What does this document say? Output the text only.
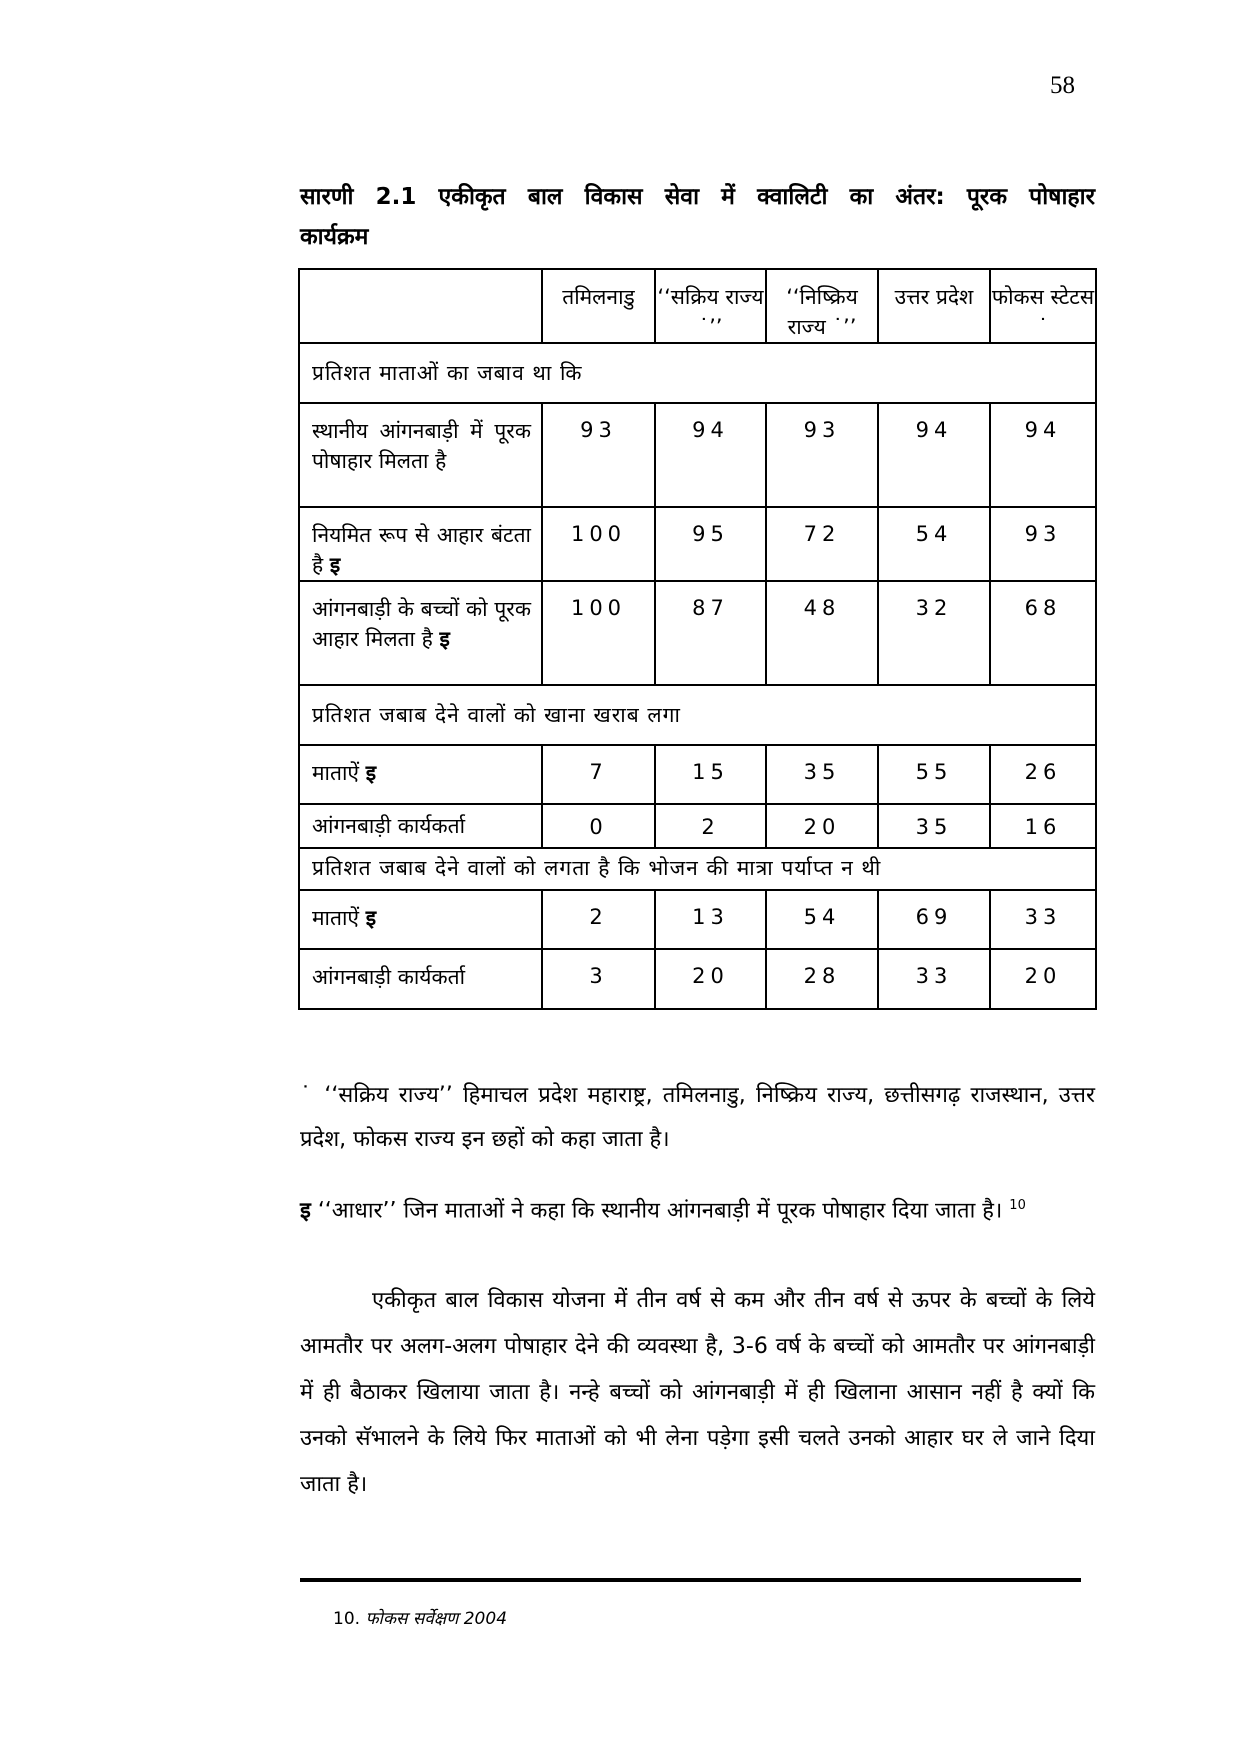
58
सारणी 2.1 एकीकृत बाल विकास सेवा में क्वालिटी का अंतर: पूरक पोषाहार
कार्यक्रम
	तमिलनाडु	‘‘सक्रिय राज्य ˙’’	‘‘निष्क्रिय राज्य ˙’’	उत्तर प्रदेश	फोकस स्टेटस ˙
प्रतिशत माताओं का जबाव था कि					
स्थानीय आंगनबाड़ी में पूरक पोषाहार मिलता है	93	94	93	94	94
नियमित रूप से आहार बंटता है इ	100	95	72	54	93
आंगनबाड़ी के बच्चों को पूरक आहार मिलता है इ	100	87	48	32	68
प्रतिशत जबाब देने वालों को खाना खराब लगा					
माताऐं इ	7	15	35	55	26
आंगनबाड़ी कार्यकर्ता	0	2	20	35	16
प्रतिशत जबाब देने वालों को लगता है कि भोजन की मात्रा पर्याप्त न थी					
माताऐं इ	2	13	54	69	33
आंगनबाड़ी कार्यकर्ता	3	20	28	33	20
˙ ‘‘सक्रिय राज्य’’ हिमाचल प्रदेश महाराष्ट्र, तमिलनाडु, निष्क्रिय राज्य, छत्तीसगढ़ राजस्थान, उत्तर प्रदेश, फोकस राज्य इन छहों को कहा जाता है।
इ ‘‘आधार’’ जिन माताओं ने कहा कि स्थानीय आंगनबाड़ी में पूरक पोषाहार दिया जाता है। $^{10}$
एकीकृत बाल विकास योजना में तीन वर्ष से कम और तीन वर्ष से ऊपर के बच्चों के लिये आमतौर पर अलग-अलग पोषाहार देने की व्यवस्था है, 3-6 वर्ष के बच्चों को आमतौर पर आंगनबाड़ी में ही बैठाकर खिलाया जाता है। नन्हे बच्चों को आंगनबाड़ी में ही खिलाना आसान नहीं है क्यों कि उनको सॅभालने के लिये फिर माताओं को भी लेना पड़ेगा इसी चलते उनको आहार घर ले जाने दिया जाता है।
10. फोकस सर्वेक्षण 2004
